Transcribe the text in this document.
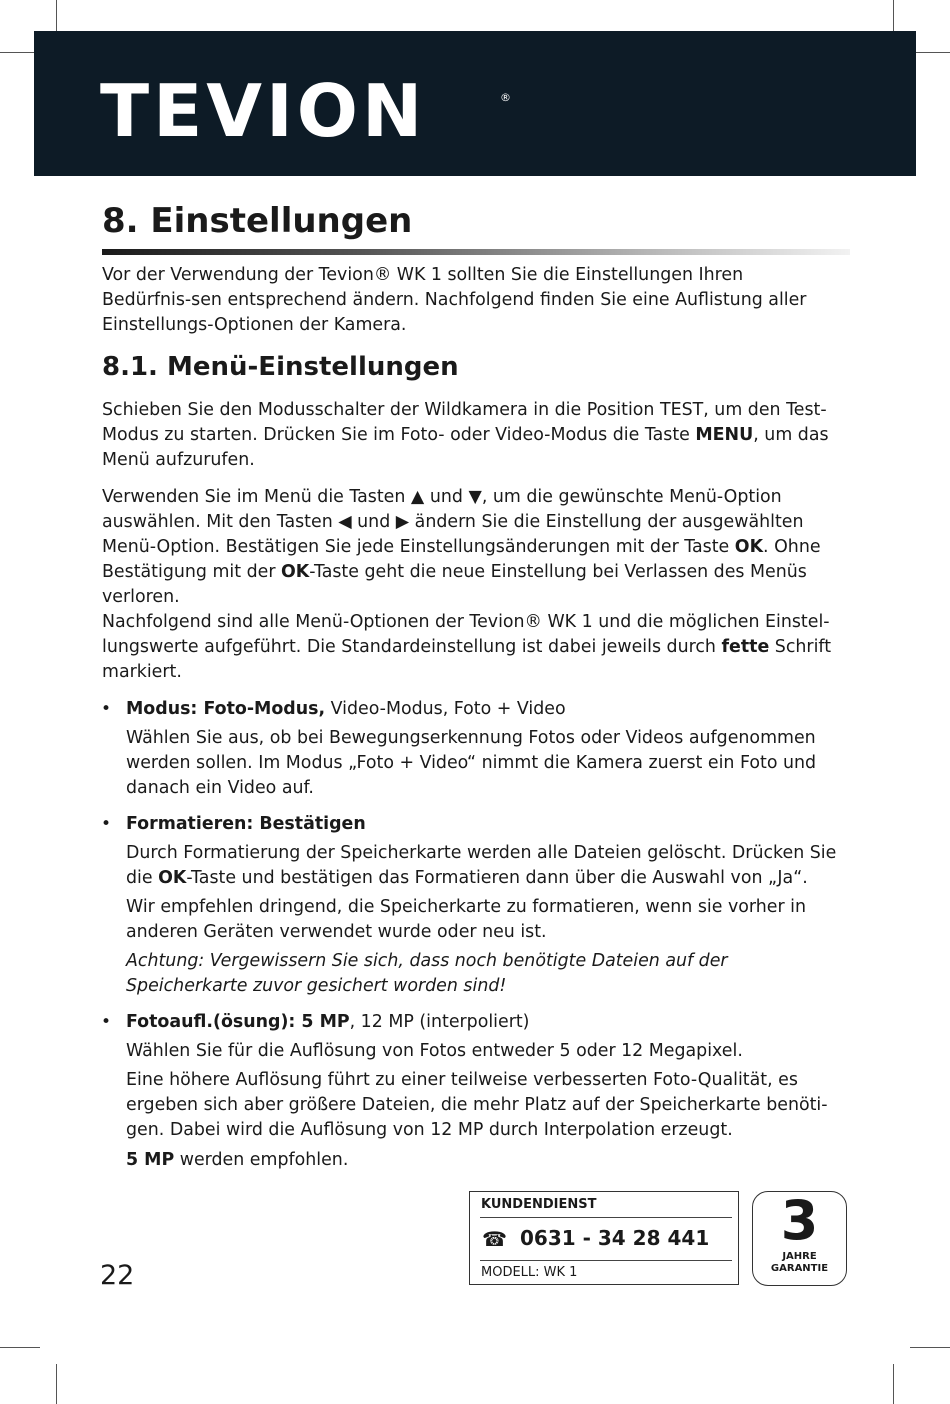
TEVION	®
8. Einstellungen

Vor der Verwendung der Tevion® WK 1 sollten Sie die Einstellungen Ihren Bedürfnis-sen entsprechend ändern. Nachfolgend finden Sie eine Auflistung aller Einstellungs-Optionen der Kamera.

8.1. Menü-Einstellungen

Schieben Sie den Modusschalter der Wildkamera in die Position TEST, um den Test-Modus zu starten. Drücken Sie im Foto- oder Video-Modus die Taste MENU, um das Menü aufzurufen.

Verwenden Sie im Menü die Tasten ▲ und ▼, um die gewünschte Menü-Option auswählen. Mit den Tasten ◀ und ▶ ändern Sie die Einstellung der ausgewählten Menü-Option. Bestätigen Sie jede Einstellungsänderungen mit der Taste OK. Ohne Bestätigung mit der OK-Taste geht die neue Einstellung bei Verlassen des Menüs verloren.

Nachfolgend sind alle Menü-Optionen der Tevion® WK 1 und die möglichen Einstel-lungswerte aufgeführt. Die Standardeinstellung ist dabei jeweils durch fette Schrift markiert.

• Modus: Foto-Modus, Video-Modus, Foto + Video

Wählen Sie aus, ob bei Bewegungserkennung Fotos oder Videos aufgenommen werden sollen. Im Modus „Foto + Video“ nimmt die Kamera zuerst ein Foto und danach ein Video auf.

• Formatieren: Bestätigen

Durch Formatierung der Speicherkarte werden alle Dateien gelöscht. Drücken Sie die OK-Taste und bestätigen das Formatieren dann über die Auswahl von „Ja“.

Wir empfehlen dringend, die Speicherkarte zu formatieren, wenn sie vorher in anderen Geräten verwendet wurde oder neu ist.

Achtung: Vergewissern Sie sich, dass noch benötigte Dateien auf der Speicherkarte zuvor gesichert worden sind!

• Fotoaufl.(ösung): 5 MP, 12 MP (interpoliert)

Wählen Sie für die Auflösung von Fotos entweder 5 oder 12 Megapixel.

Eine höhere Auflösung führt zu einer teilweise verbesserten Foto-Qualität, es ergeben sich aber größere Dateien, die mehr Platz auf der Speicherkarte benöti-gen. Dabei wird die Auflösung von 12 MP durch Interpolation erzeugt.

5 MP werden empfohlen.

22

KUNDENDIENST
☎ 0631 - 34 28 441
MODELL: WK 1
3
JAHRE
GARANTIE
